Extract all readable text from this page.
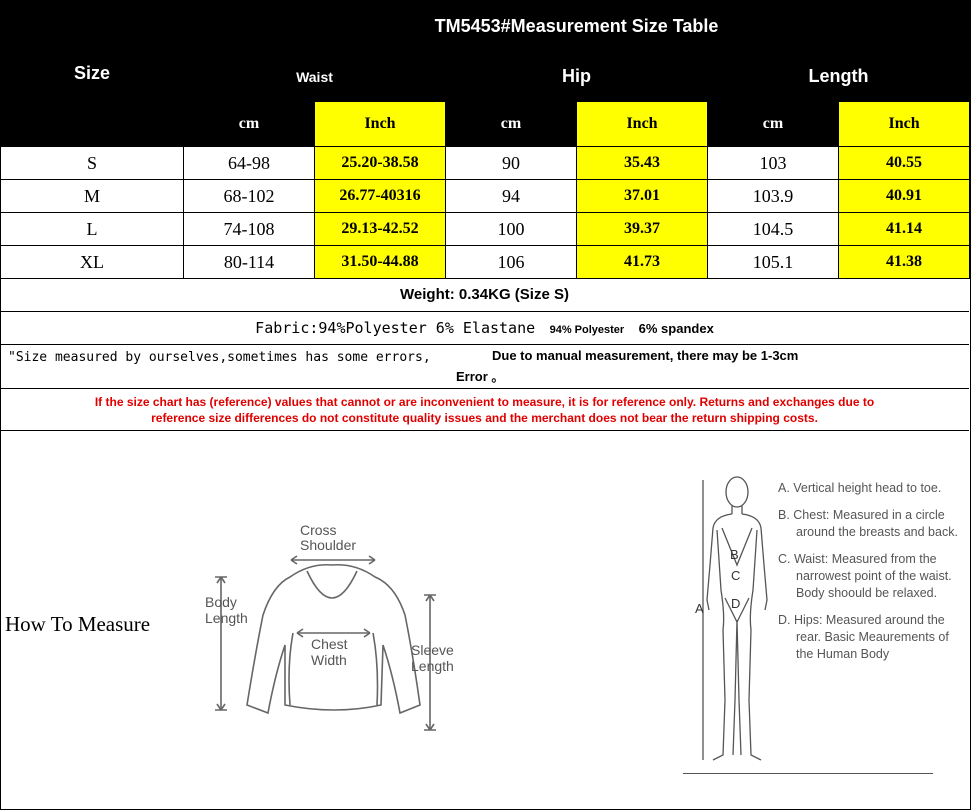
Size	TM5453#Measurement Size Table					
	Waist		Hip		Length	
	cm	Inch	cm	Inch	cm	Inch
S	64-98	25.20-38.58	90	35.43	103	40.55
M	68-102	26.77-40316	94	37.01	103.9	40.91
L	74-108	29.13-42.52	100	39.37	104.5	41.14
XL	80-114	31.50-44.88	106	41.73	105.1	41.38
Weight: 0.34KG (Size S)
Fabric:94%Polyester 6% Elastane 94% Polyester 6% spandex
"Size measured by ourselves,sometimes has some errors,	Due to manual measurement, there may be 1-3cm
Error 。
If the size chart has (reference) values that cannot or are inconvenient to measure, it is for reference only. Returns and exchanges due to
reference size differences do not constitute quality issues and the merchant does not bear the return shipping costs.
How To Measure
Cross
Shoulder
Body
Length
Chest
Width
Sleeve
Length
B
C
D
A

A. Vertical height head to toe.

B. Chest: Measured in a circle around the breasts and back.

C. Waist: Measured from the narrowest point of the waist. Body shoould be relaxed.

D. Hips: Measured around the rear. Basic Meaurements of the Human Body
